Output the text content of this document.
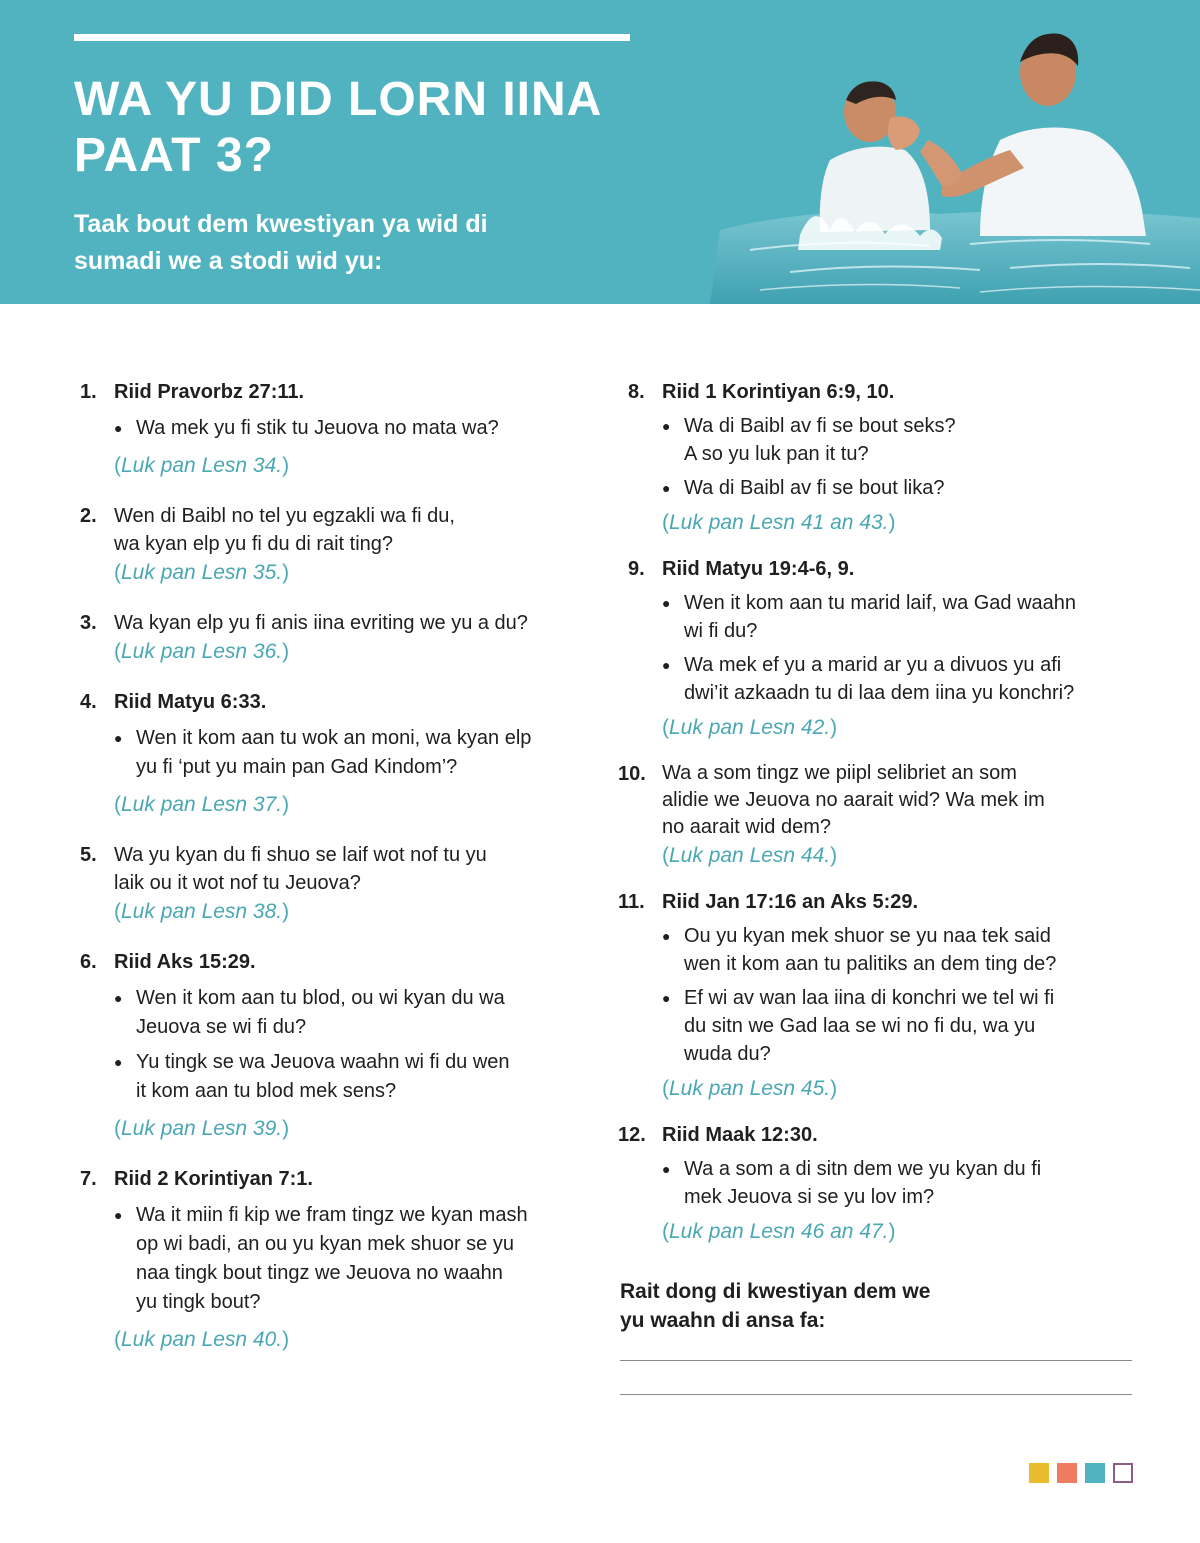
WA YU DID LORN IINA
PAAT 3?

Taak bout dem kwestiyan ya wid di
sumadi we a stodi wid yu:

1. Riid Pravorbz 27:11.
● Wa mek yu fi stik tu Jeuova no mata wa?
(Luk pan Lesn 34.)
2. Wen di Baibl no tel yu egzakli wa fi du,
wa kyan elp yu fi du di rait ting?
(Luk pan Lesn 35.)
3. Wa kyan elp yu fi anis iina evriting we yu a du?
(Luk pan Lesn 36.)
4. Riid Matyu 6:33.
● Wen it kom aan tu wok an moni, wa kyan elp
yu fi ‘put yu main pan Gad Kindom’?
(Luk pan Lesn 37.)
5. Wa yu kyan du fi shuo se laif wot nof tu yu
laik ou it wot nof tu Jeuova?
(Luk pan Lesn 38.)
6. Riid Aks 15:29.
● Wen it kom aan tu blod, ou wi kyan du wa
Jeuova se wi fi du?
● Yu tingk se wa Jeuova waahn wi fi du wen
it kom aan tu blod mek sens?
(Luk pan Lesn 39.)
7. Riid 2 Korintiyan 7:1.
● Wa it miin fi kip we fram tingz we kyan mash
op wi badi, an ou yu kyan mek shuor se yu
naa tingk bout tingz we Jeuova no waahn
yu tingk bout?
(Luk pan Lesn 40.)
8. Riid 1 Korintiyan 6:9, 10.
● Wa di Baibl av fi se bout seks?
A so yu luk pan it tu?
● Wa di Baibl av fi se bout lika?
(Luk pan Lesn 41 an 43.)
9. Riid Matyu 19:4-6, 9.
● Wen it kom aan tu marid laif, wa Gad waahn
wi fi du?
● Wa mek ef yu a marid ar yu a divuos yu afi
dwi’it azkaadn tu di laa dem iina yu konchri?
(Luk pan Lesn 42.)
10. Wa a som tingz we piipl selibriet an som
alidie we Jeuova no aarait wid? Wa mek im
no aarait wid dem?
(Luk pan Lesn 44.)
11. Riid Jan 17:16 an Aks 5:29.
● Ou yu kyan mek shuor se yu naa tek said
wen it kom aan tu palitiks an dem ting de?
● Ef wi av wan laa iina di konchri we tel wi fi
du sitn we Gad laa se wi no fi du, wa yu
wuda du?
(Luk pan Lesn 45.)
12. Riid Maak 12:30.
● Wa a som a di sitn dem we yu kyan du fi
mek Jeuova si se yu lov im?
(Luk pan Lesn 46 an 47.)

Rait dong di kwestiyan dem we
yu waahn di ansa fa:
